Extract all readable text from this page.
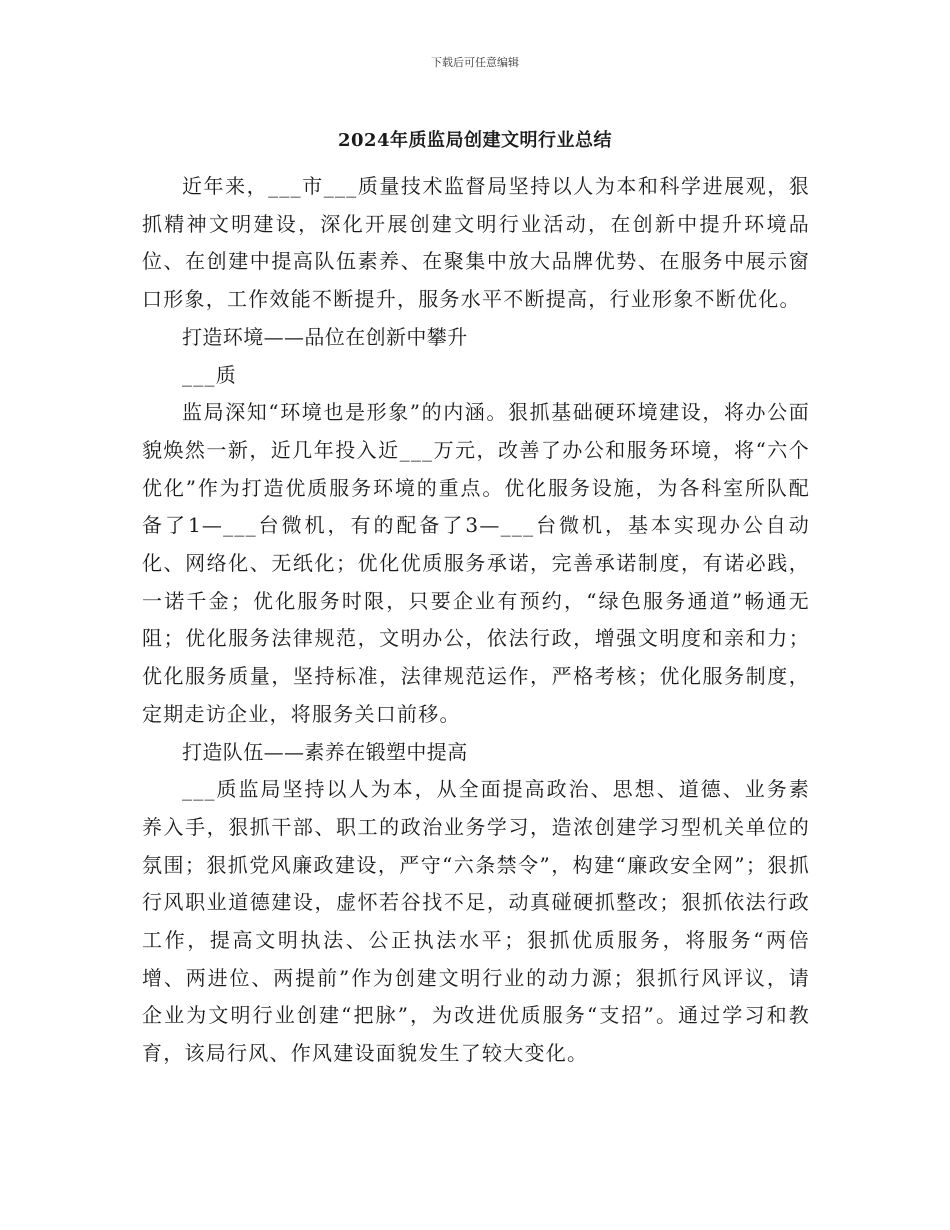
下载后可任意编辑
2024年质监局创建文明行业总结

近年来，___市___质量技术监督局坚持以人为本和科学进展观，狠抓精神文明建设，深化开展创建文明行业活动，在创新中提升环境品位、在创建中提高队伍素养、在聚集中放大品牌优势、在服务中展示窗口形象，工作效能不断提升，服务水平不断提高，行业形象不断优化。

打造环境——品位在创新中攀升

___质

监局深知“环境也是形象”的内涵。狠抓基础硬环境建设，将办公面貌焕然一新，近几年投入近___万元，改善了办公和服务环境，将“六个优化”作为打造优质服务环境的重点。优化服务设施，为各科室所队配备了1—___台微机，有的配备了3—___台微机，基本实现办公自动化、网络化、无纸化；优化优质服务承诺，完善承诺制度，有诺必践，一诺千金；优化服务时限，只要企业有预约，“绿色服务通道”畅通无阻；优化服务法律规范，文明办公，依法行政，增强文明度和亲和力；优化服务质量，坚持标准，法律规范运作，严格考核；优化服务制度，定期走访企业，将服务关口前移。

打造队伍——素养在锻塑中提高

___质监局坚持以人为本，从全面提高政治、思想、道德、业务素养入手，狠抓干部、职工的政治业务学习，造浓创建学习型机关单位的氛围；狠抓党风廉政建设，严守“六条禁令”，构建“廉政安全网”；狠抓行风职业道德建设，虚怀若谷找不足，动真碰硬抓整改；狠抓依法行政工作，提高文明执法、公正执法水平；狠抓优质服务，将服务“两倍增、两进位、两提前”作为创建文明行业的动力源；狠抓行风评议，请企业为文明行业创建“把脉”，为改进优质服务“支招”。通过学习和教育，该局行风、作风建设面貌发生了较大变化。
